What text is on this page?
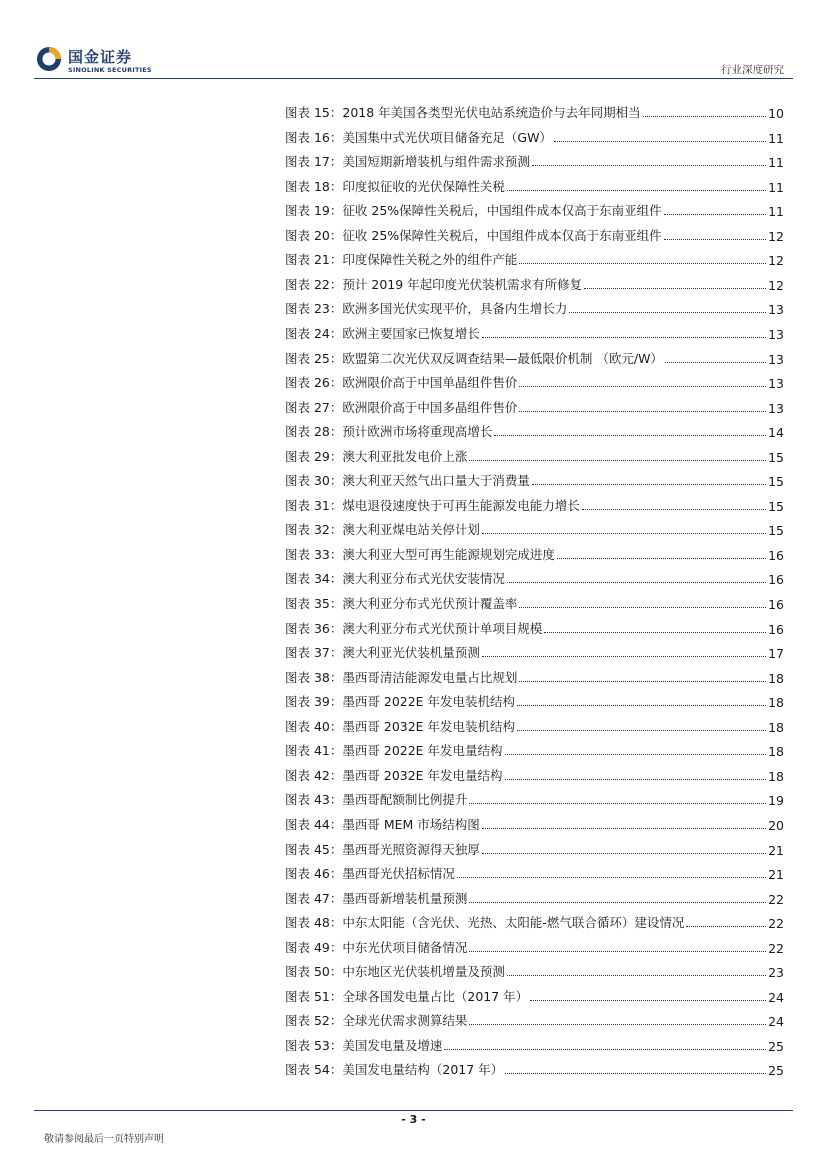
国金证券
SINOLINK SECURITIES	行业深度研究
图表 15： 2018 年美国各类型光伏电站系统造价与去年同期相当	10
图表 16： 美国集中式光伏项目储备充足（GW）	11
图表 17： 美国短期新增装机与组件需求预测	11
图表 18： 印度拟征收的光伏保障性关税	11
图表 19： 征收 25%保障性关税后，中国组件成本仅高于东南亚组件	11
图表 20： 征收 25%保障性关税后，中国组件成本仅高于东南亚组件	12
图表 21： 印度保障性关税之外的组件产能	12
图表 22： 预计 2019 年起印度光伏装机需求有所修复	12
图表 23： 欧洲多国光伏实现平价，具备内生增长力	13
图表 24： 欧洲主要国家已恢复增长	13
图表 25： 欧盟第二次光伏双反调查结果—最低限价机制 （欧元/W）	13
图表 26： 欧洲限价高于中国单晶组件售价	13
图表 27： 欧洲限价高于中国多晶组件售价	13
图表 28： 预计欧洲市场将重现高增长	14
图表 29： 澳大利亚批发电价上涨	15
图表 30： 澳大利亚天然气出口量大于消费量	15
图表 31： 煤电退役速度快于可再生能源发电能力增长	15
图表 32： 澳大利亚煤电站关停计划	15
图表 33： 澳大利亚大型可再生能源规划完成进度	16
图表 34： 澳大利亚分布式光伏安装情况	16
图表 35： 澳大利亚分布式光伏预计覆盖率	16
图表 36： 澳大利亚分布式光伏预计单项目规模	16
图表 37： 澳大利亚光伏装机量预测	17
图表 38： 墨西哥清洁能源发电量占比规划	18
图表 39： 墨西哥 2022E 年发电装机结构	18
图表 40： 墨西哥 2032E 年发电装机结构	18
图表 41： 墨西哥 2022E 年发电量结构	18
图表 42： 墨西哥 2032E 年发电量结构	18
图表 43： 墨西哥配额制比例提升	19
图表 44： 墨西哥 MEM 市场结构图	20
图表 45： 墨西哥光照资源得天独厚	21
图表 46： 墨西哥光伏招标情况	21
图表 47： 墨西哥新增装机量预测	22
图表 48： 中东太阳能（含光伏、光热、太阳能-燃气联合循环）建设情况	22
图表 49： 中东光伏项目储备情况	22
图表 50： 中东地区光伏装机增量及预测	23
图表 51： 全球各国发电量占比（2017 年）	24
图表 52： 全球光伏需求测算结果	24
图表 53： 美国发电量及增速	25
图表 54： 美国发电量结构（2017 年）	25
- 3 -
敬请参阅最后一页特别声明
